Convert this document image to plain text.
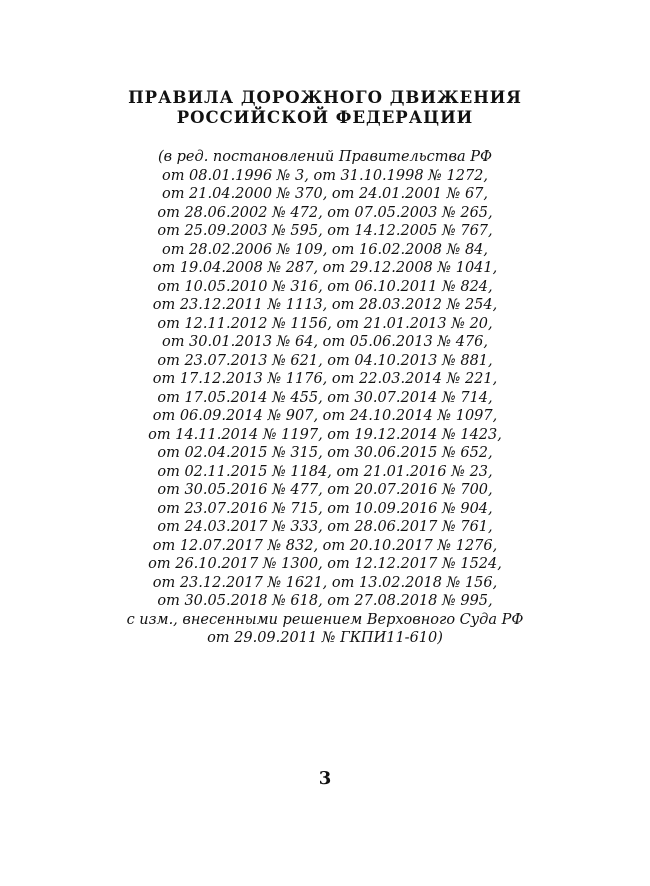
ПРАВИЛА ДОРОЖНОГО ДВИЖЕНИЯ
РОССИЙСКОЙ ФЕДЕРАЦИИ
(в ред. постановлений Правительства РФ
от 08.01.1996 № 3, от 31.10.1998 № 1272,
от 21.04.2000 № 370, от 24.01.2001 № 67,
от 28.06.2002 № 472, от 07.05.2003 № 265,
от 25.09.2003 № 595, от 14.12.2005 № 767,
от 28.02.2006 № 109, от 16.02.2008 № 84,
от 19.04.2008 № 287, от 29.12.2008 № 1041,
от 10.05.2010 № 316, от 06.10.2011 № 824,
от 23.12.2011 № 1113, от 28.03.2012 № 254,
от 12.11.2012 № 1156, от 21.01.2013 № 20,
от 30.01.2013 № 64, от 05.06.2013 № 476,
от 23.07.2013 № 621, от 04.10.2013 № 881,
от 17.12.2013 № 1176, от 22.03.2014 № 221,
от 17.05.2014 № 455, от 30.07.2014 № 714,
от 06.09.2014 № 907, от 24.10.2014 № 1097,
от 14.11.2014 № 1197, от 19.12.2014 № 1423,
от 02.04.2015 № 315, от 30.06.2015 № 652,
от 02.11.2015 № 1184, от 21.01.2016 № 23,
от 30.05.2016 № 477, от 20.07.2016 № 700,
от 23.07.2016 № 715, от 10.09.2016 № 904,
от 24.03.2017 № 333, от 28.06.2017 № 761,
от 12.07.2017 № 832, от 20.10.2017 № 1276,
от 26.10.2017 № 1300, от 12.12.2017 № 1524,
от 23.12.2017 № 1621, от 13.02.2018 № 156,
от 30.05.2018 № 618, от 27.08.2018 № 995,
с изм., внесенными решением Верховного Суда РФ
от 29.09.2011 № ГКПИ11-610)
3
